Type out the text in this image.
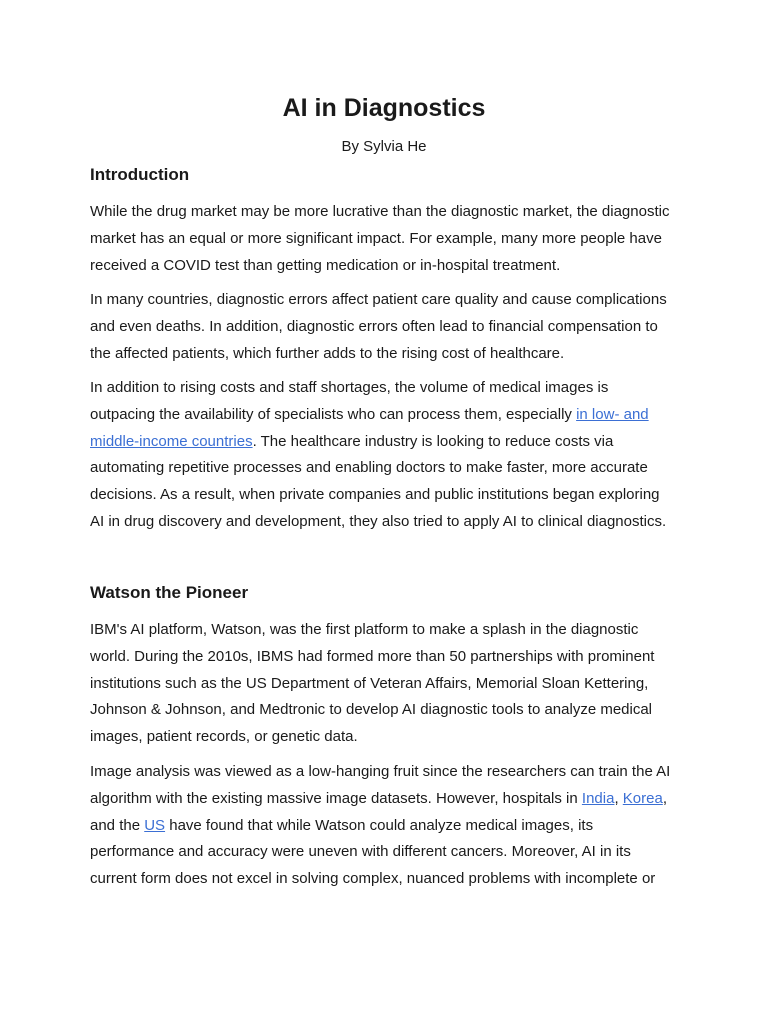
AI in Diagnostics

By Sylvia He

Introduction
While the drug market may be more lucrative than the diagnostic market, the diagnostic
market has an equal or more significant impact. For example, many more people have
received a COVID test than getting medication or in-hospital treatment.
In many countries, diagnostic errors affect patient care quality and cause complications
and even deaths. In addition, diagnostic errors often lead to financial compensation to
the affected patients, which further adds to the rising cost of healthcare.
In addition to rising costs and staff shortages, the volume of medical images is
outpacing the availability of specialists who can process them, especially in low- and
middle-income countries. The healthcare industry is looking to reduce costs via
automating repetitive processes and enabling doctors to make faster, more accurate
decisions. As a result, when private companies and public institutions began exploring
AI in drug discovery and development, they also tried to apply AI to clinical diagnostics.
Watson the Pioneer
IBM's AI platform, Watson, was the first platform to make a splash in the diagnostic
world. During the 2010s, IBMS had formed more than 50 partnerships with prominent
institutions such as the US Department of Veteran Affairs, Memorial Sloan Kettering,
Johnson & Johnson, and Medtronic to develop AI diagnostic tools to analyze medical
images, patient records, or genetic data.
Image analysis was viewed as a low-hanging fruit since the researchers can train the AI
algorithm with the existing massive image datasets. However, hospitals in India, Korea,
and the US have found that while Watson could analyze medical images, its
performance and accuracy were uneven with different cancers. Moreover, AI in its
current form does not excel in solving complex, nuanced problems with incomplete or
